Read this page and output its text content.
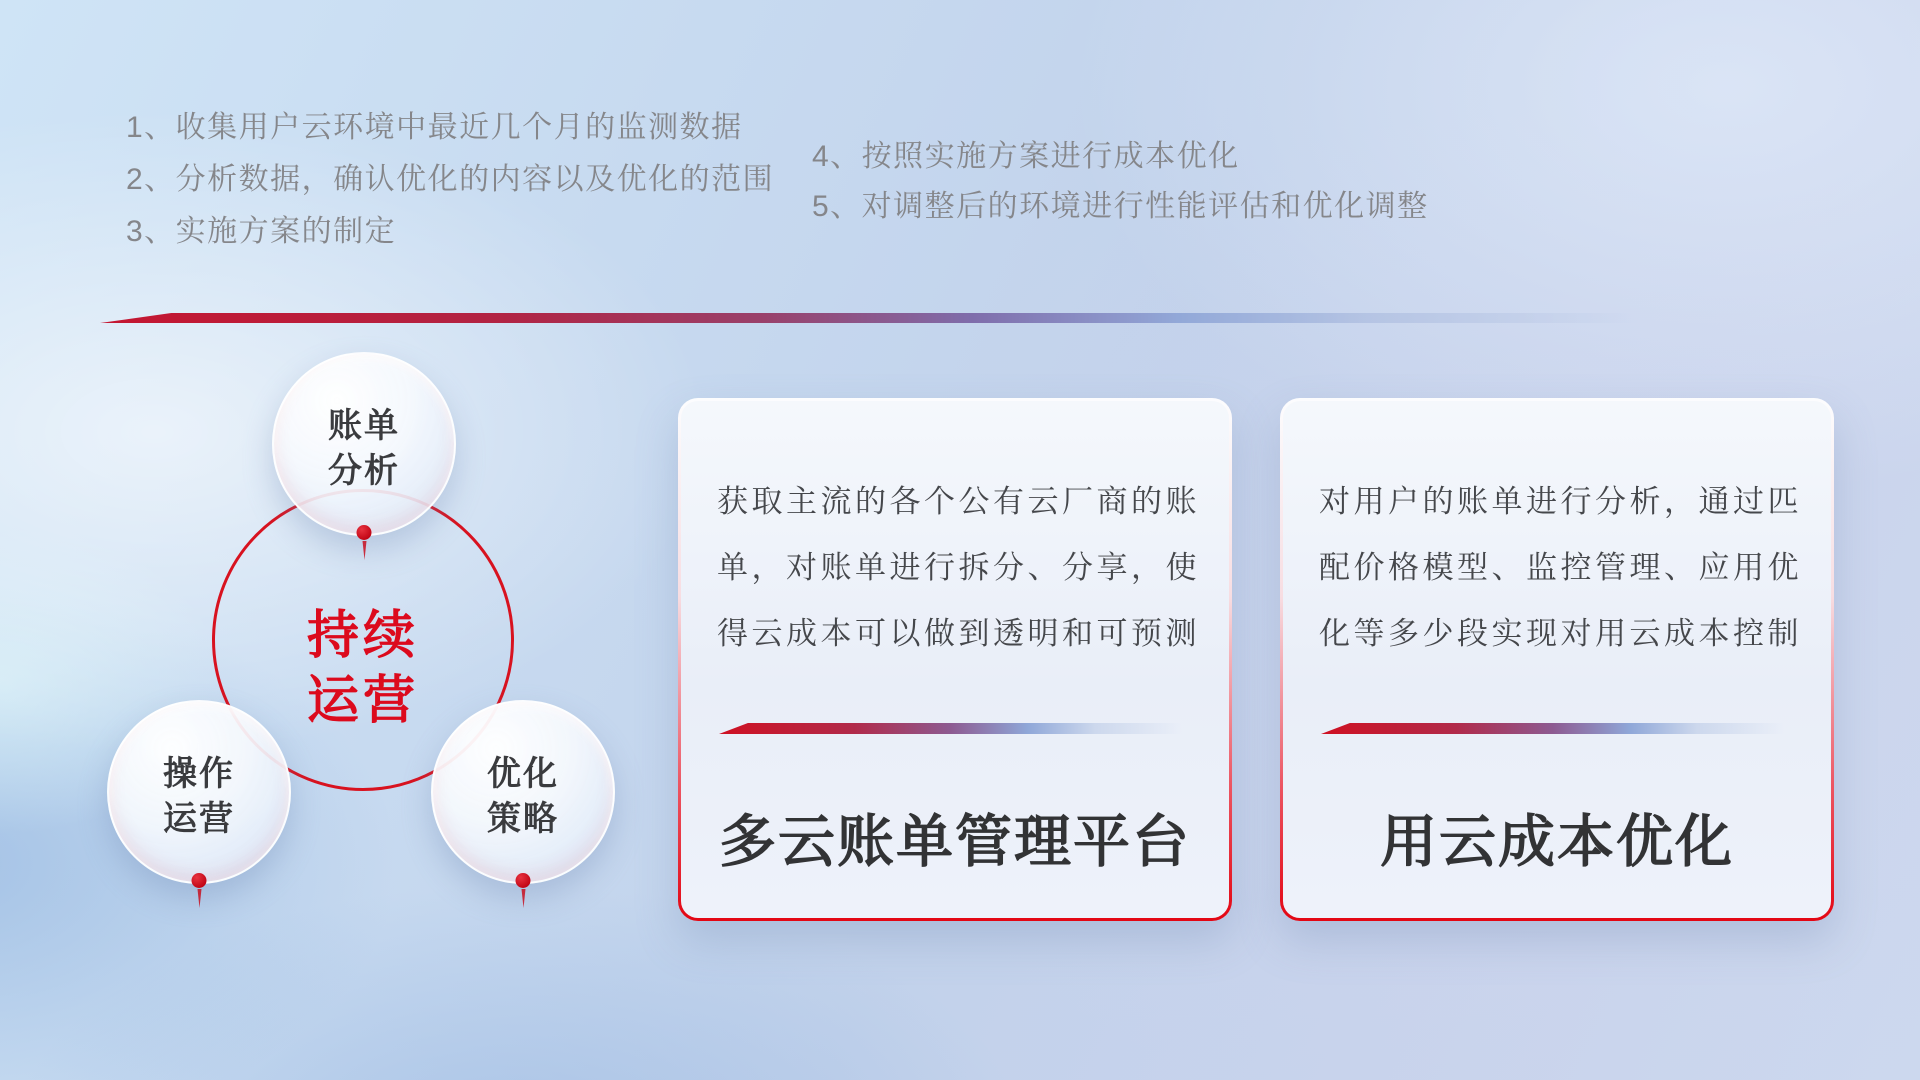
1、收集用户云环境中最近几个月的监测数据
2、分析数据，确认优化的内容以及优化的范围
3、实施方案的制定
4、按照实施方案进行成本优化
5、对调整后的环境进行性能评估和优化调整
持续
运营
账单
分析
操作
运营
优化
策略
获取主流的各个公有云厂商的账
单，对账单进行拆分、分享，使
得云成本可以做到透明和可预测
多云账单管理平台
对用户的账单进行分析，通过匹
配价格模型、监控管理、应用优
化等多少段实现对用云成本控制
用云成本优化
